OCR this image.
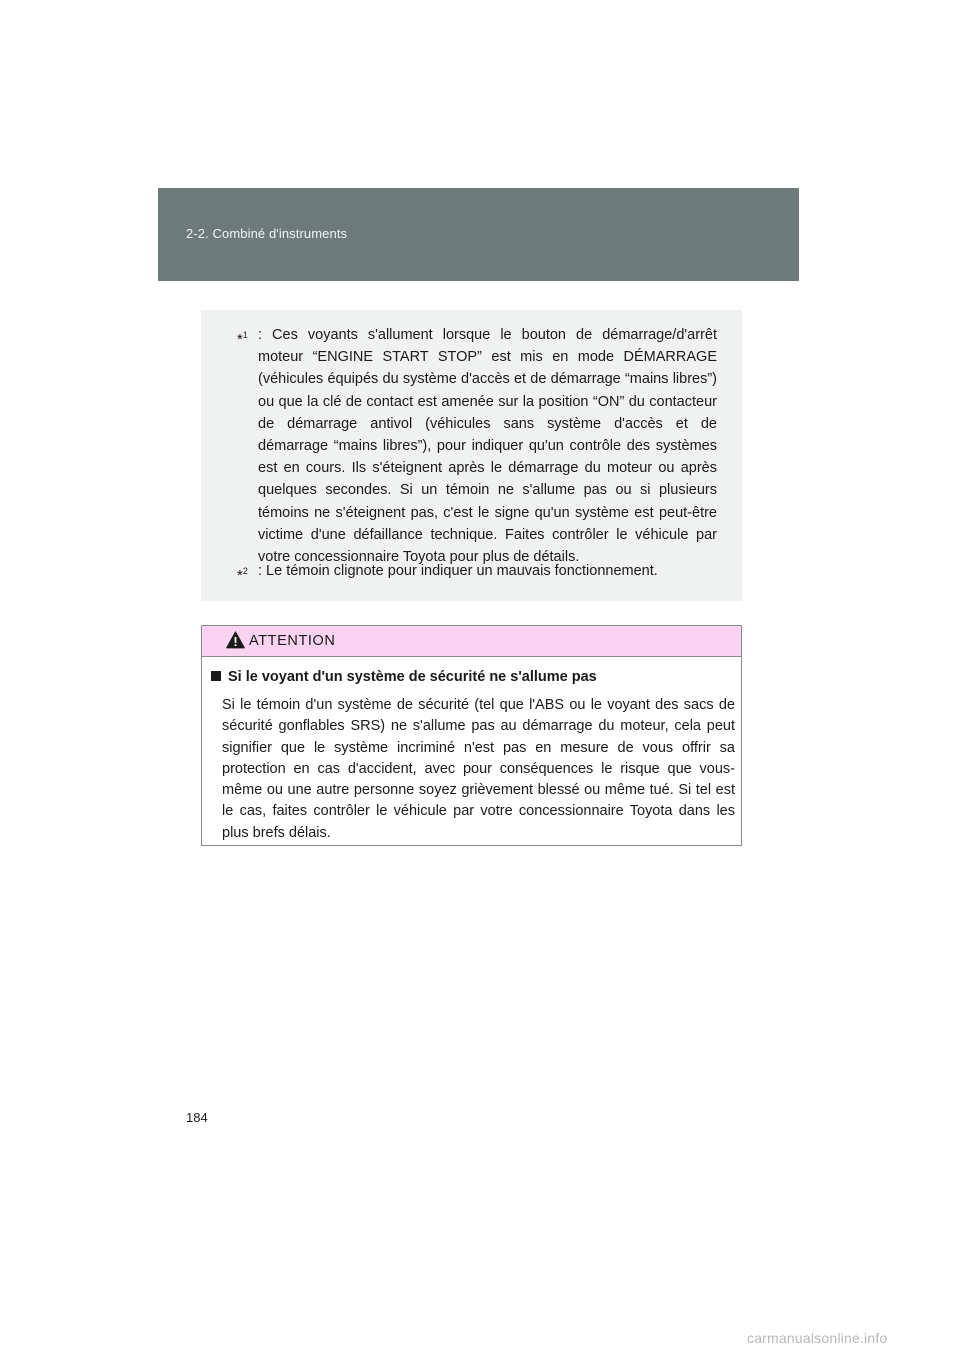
2-2. Combiné d'instruments
*$^1$ : Ces voyants s'allument lorsque le bouton de démarrage/d'arrêt moteur “ENGINE START STOP” est mis en mode DÉMARRAGE (véhicules équipés du système d'accès et de démarrage “mains libres”) ou que la clé de contact est amenée sur la position “ON” du contacteur de démarrage antivol (véhicules sans système d'accès et de démarrage “mains libres”), pour indiquer qu'un contrôle des systèmes est en cours. Ils s'éteignent après le démarrage du moteur ou après quelques secondes. Si un témoin ne s'allume pas ou si plusieurs témoins ne s'éteignent pas, c'est le signe qu'un système est peut-être victime d'une défaillance technique. Faites contrôler le véhicule par votre concessionnaire Toyota pour plus de détails.
*$^2$ : Le témoin clignote pour indiquer un mauvais fonctionnement.
ATTENTION
Si le voyant d'un système de sécurité ne s'allume pas
Si le témoin d'un système de sécurité (tel que l'ABS ou le voyant des sacs de sécurité gonflables SRS) ne s'allume pas au démarrage du moteur, cela peut signifier que le système incriminé n'est pas en mesure de vous offrir sa protection en cas d'accident, avec pour conséquences le risque que vous-même ou une autre personne soyez grièvement blessé ou même tué. Si tel est le cas, faites contrôler le véhicule par votre concessionnaire Toyota dans les plus brefs délais.
184
carmanualsonline.info
